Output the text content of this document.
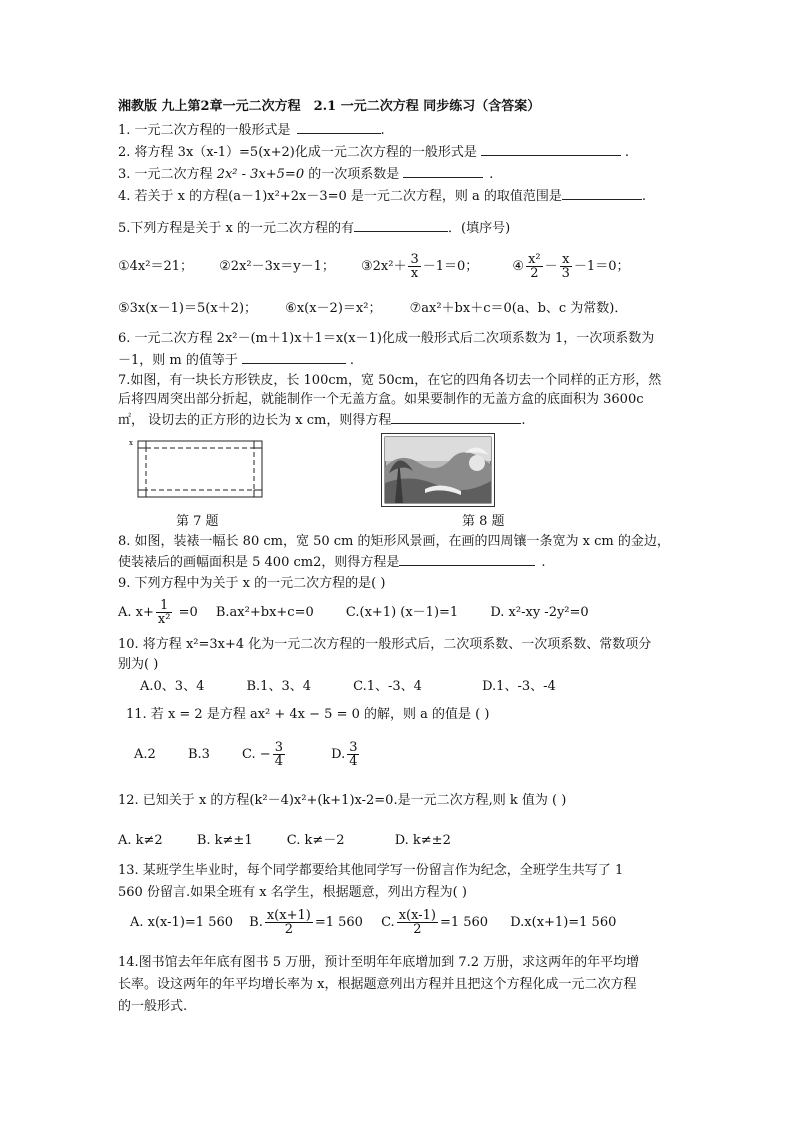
湘教版 九上第2章一元二次方程　2.1 一元二次方程 同步练习（含答案）
1. 一元二次方程的一般形式是	.
2. 将方程 3x（x-1）=5(x+2)化成一元二次方程的一般形式是	.
3. 一元二次方程 2x² - 3x+5=0 的一次项系数是	.
4. 若关于 x 的方程(a－1)x²+2x－3=0 是一元二次方程，则 a 的取值范围是	.
5.下列方程是关于 x 的一元二次方程的有	．(填序号)
①4x²＝21； ②2x²－3x＝y－1； ③2x²＋ $\frac{3}{x} -1=0$；	④ $\frac{\text{x²}}{2} - \frac{x}{3} -1=0$；
⑤3x(x－1)＝5(x＋2)； ⑥x(x－2)＝x²； ⑦ax²＋bx＋c＝0(a、b、c 为常数)．
6. 一元二次方程 2x²－(m＋1)x＋1＝x(x－1)化成一般形式后二次项系数为 1，一次项系数为
－1，则 m 的值等于	.
7.如图，有一块长方形铁皮，长 100cm，宽 50cm，在它的四角各切去一个同样的正方形，然
后将四周突出部分折起，就能制作一个无盖方盒。如果要制作的无盖方盒的底面积为 3600c
㎡， 设切去的正方形的边长为 x cm，则得方程	.
x
第 7 题	第 8 题
8. 如图，装裱一幅长 80 cm，宽 50 cm 的矩形风景画，在画的四周镶一条宽为 x cm 的金边，
使装裱后的画幅面积是 5 400 cm2，则得方程是	.
9. 下列方程中为关于 x 的一元二次方程的是( )
A. $x+ \frac{1}{\text{x²}} =0$ B.ax²+bx+c=0 C.(x+1) (x－1)=1 D. x²-xy -2y²=0
10. 将方程 x²=3x+4 化为一元二次方程的一般形式后，二次项系数、一次项系数、常数项分
别为( )
A.0、3、4	B.1、3、4	C.1、-3、4	D.1、-3、-4
11. 若 x = 2 是方程 ax² + 4x − 5 = 0 的解，则 a 的值是 ( )
A.2 B.3 C. − $\frac{3}{4}$	D. $\frac{3}{4}$
12. 已知关于 x 的方程(k²－4)x²+(k+1)x-2=0.是一元二次方程,则 k 值为 ( )
A. k≠2	B. k≠±1	C. k≠－2	D. k≠±2
13. 某班学生毕业时，每个同学都要给其他同学写一份留言作为纪念，全班学生共写了 1
560 份留言.如果全班有 x 名学生，根据题意，列出方程为( )
A. x(x-1)=1 560 B. $\frac{x(x+1)}{2} =1$ 560 C. $\frac{x(x-1)}{2} =1$ 560 D.x(x+1)=1 560
14.图书馆去年年底有图书 5 万册，预计至明年年底增加到 7.2 万册，求这两年的年平均增
长率。设这两年的年平均增长率为 x，根据题意列出方程并且把这个方程化成一元二次方程
的一般形式.
